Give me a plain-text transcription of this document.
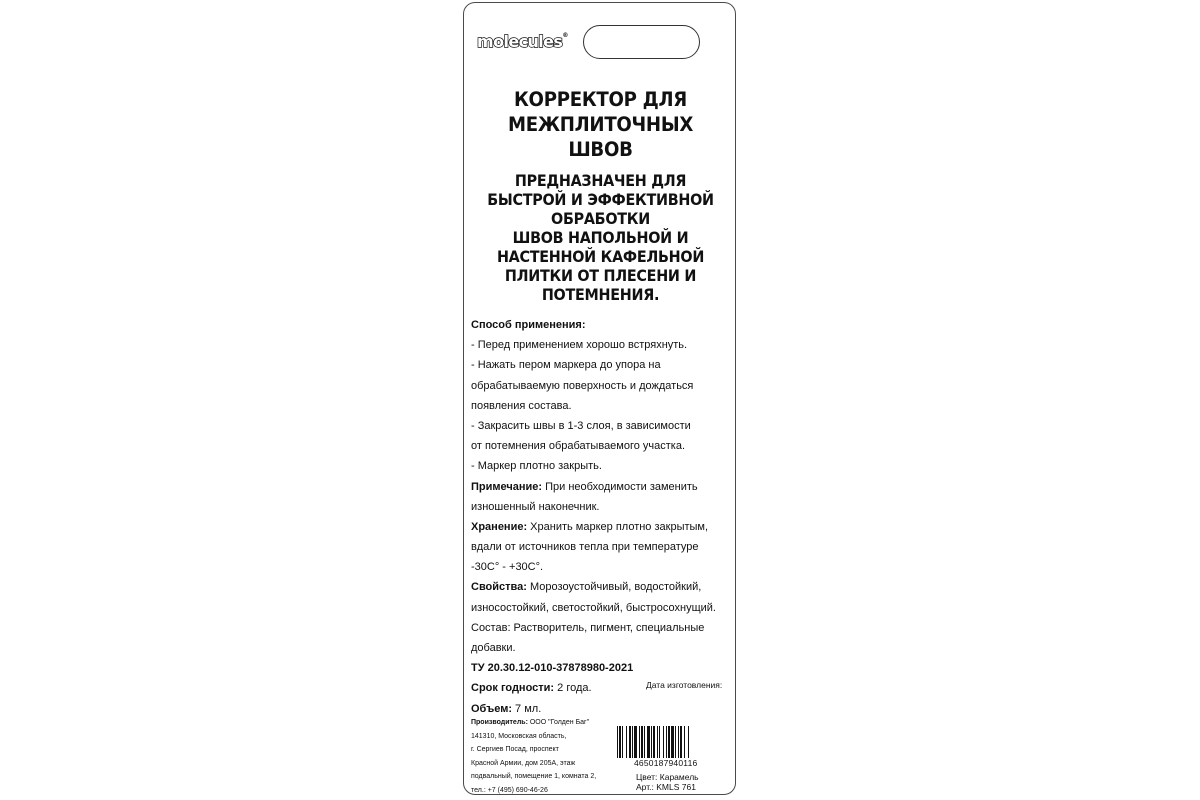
molecules®
КОРРЕКТОР ДЛЯ
МЕЖПЛИТОЧНЫХ
ШВОВ
ПРЕДНАЗНАЧЕН ДЛЯ
БЫСТРОЙ И ЭФФЕКТИВНОЙ
ОБРАБОТКИ
ШВОВ НАПОЛЬНОЙ И
НАСТЕННОЙ КАФЕЛЬНОЙ
ПЛИТКИ ОТ ПЛЕСЕНИ И
ПОТЕМНЕНИЯ.
Способ применения:
- Перед применением хорошо встряхнуть.
- Нажать пером маркера до упора на
обрабатываемую поверхность и дождаться
появления состава.
- Закрасить швы в 1-3 слоя, в зависимости
от потемнения обрабатываемого участка.
- Маркер плотно закрыть.
Примечание: При необходимости заменить
изношенный наконечник.
Хранение: Хранить маркер плотно закрытым,
вдали от источников тепла при температуре
-30С° - +30С°.
Свойства: Морозоустойчивый, водостойкий,
износостойкий, светостойкий, быстросохнущий.
Состав: Растворитель, пигмент, специальные
добавки.
ТУ 20.30.12-010-37878980-2021
Срок годности: 2 года.
Объем: 7 мл.
Дата изготовления:
Производитель: ООО "Голден Баг"
141310, Московская область,
г. Сергиев Посад, проспект
Красной Армии, дом 205А, этаж
подвальный, помещение 1, комната 2,
тел.: +7 (495) 690-46-26
4650187940116
Цвет: Карамель
Арт.: KMLS 761
